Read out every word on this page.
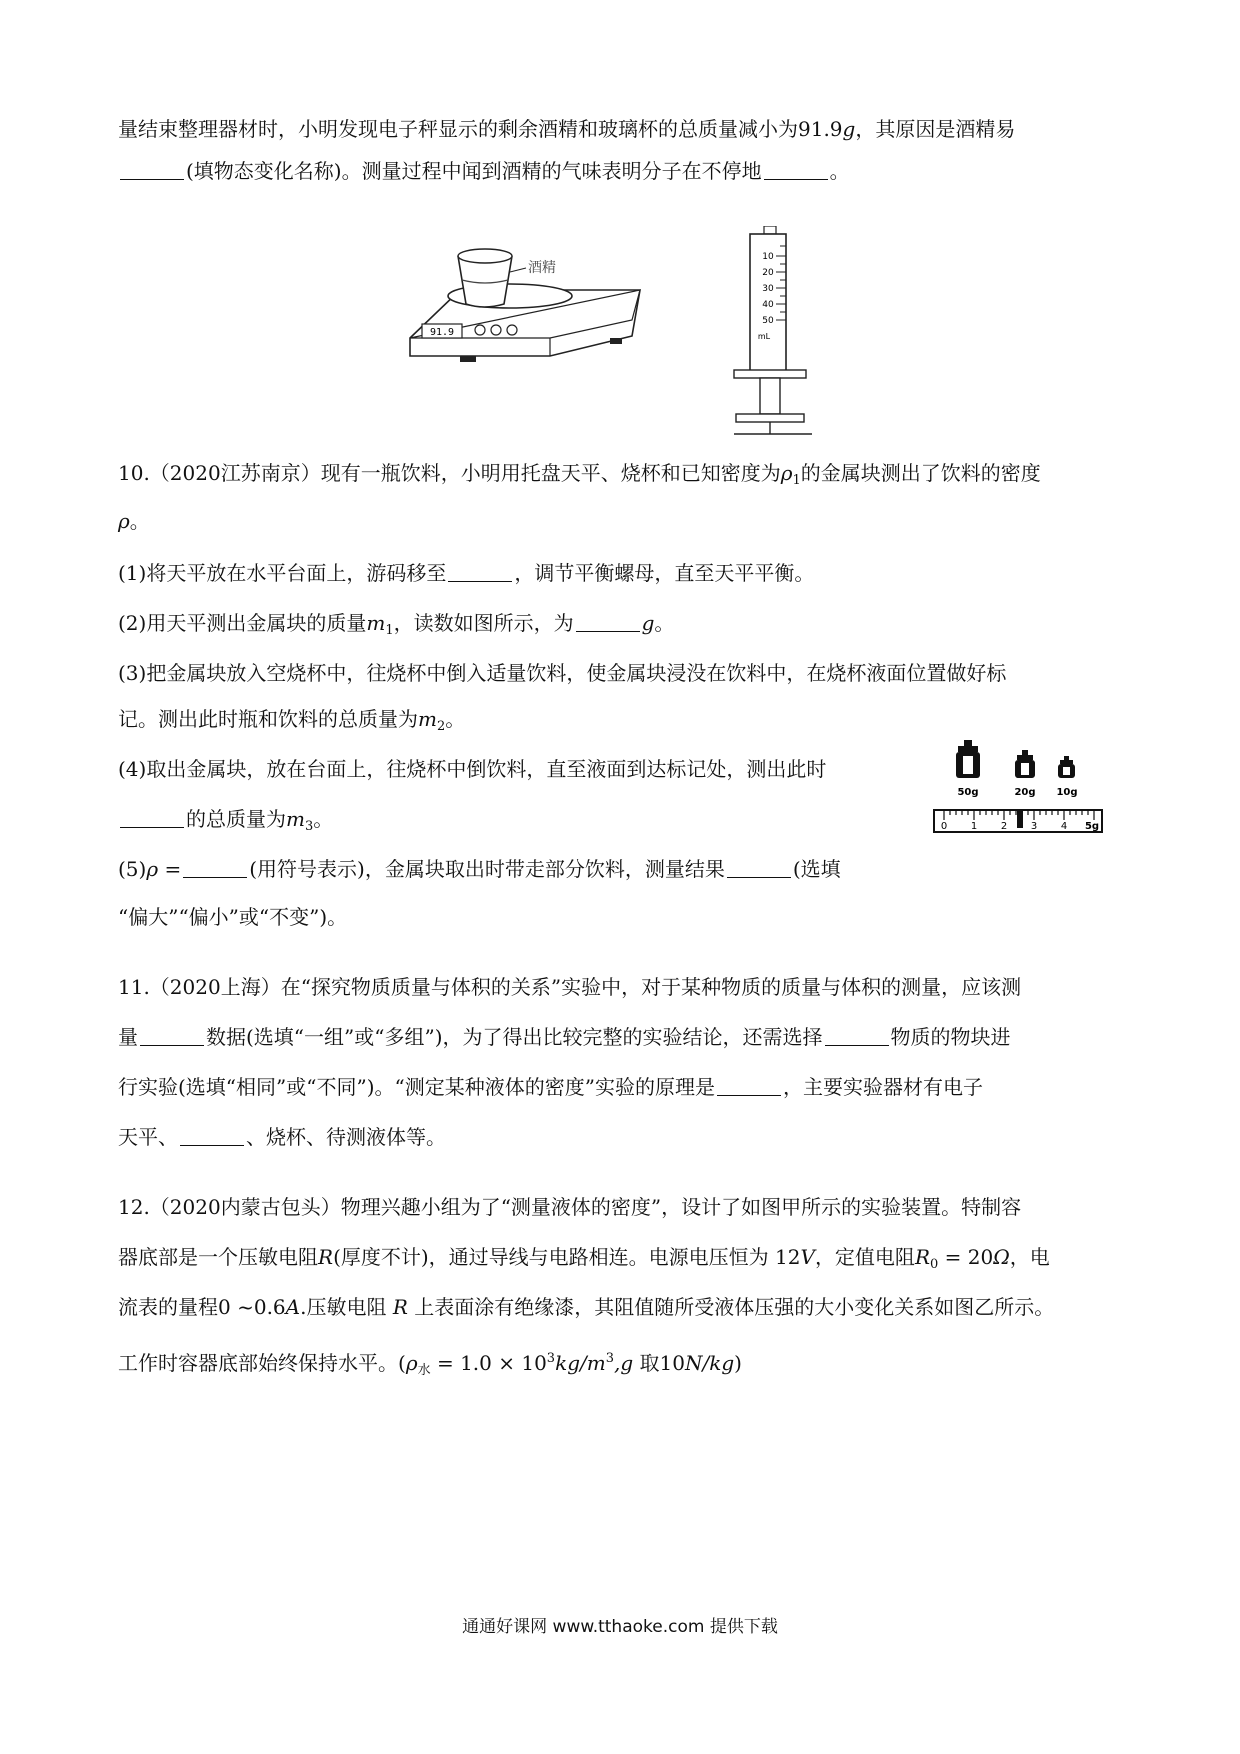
量结束整理器材时，小明发现电子秤显示的剩余酒精和玻璃杯的总质量减小为91.9g，其原因是酒精易
(填物态变化名称)。测量过程中闻到酒精的气味表明分子在不停地	。
91.9
酒精
10
20
30
40
50
mL
10.（2020江苏南京）现有一瓶饮料，小明用托盘天平、烧杯和已知密度为$\rho_1$的金属块测出了饮料的密度
ρ。
(1)将天平放在水平台面上，游码移至	，调节平衡螺母，直至天平平衡。
(2)用天平测出金属块的质量$m_1$，读数如图所示，为	g。
(3)把金属块放入空烧杯中，往烧杯中倒入适量饮料，使金属块浸没在饮料中，在烧杯液面位置做好标
记。测出此时瓶和饮料的总质量为$m_2$。
(4)取出金属块，放在台面上，往烧杯中倒饮料，直至液面到达标记处，测出此时
的总质量为$m_3$。
(5)ρ =	(用符号表示)，金属块取出时带走部分饮料，测量结果	(选填
“偏大”“偏小”或“不变”)。
50g	20g 10g
0 1 2 3 4 5g
11.（2020上海）在“探究物质质量与体积的关系”实验中，对于某种物质的质量与体积的测量，应该测
量	数据(选填“一组”或“多组”)，为了得出比较完整的实验结论，还需选择	物质的物块进
行实验(选填“相同”或“不同”)。“测定某种液体的密度”实验的原理是	，主要实验器材有电子
天平、	、烧杯、待测液体等。
12.（2020内蒙古包头）物理兴趣小组为了“测量液体的密度”，设计了如图甲所示的实验装置。特制容
器底部是一个压敏电阻R(厚度不计)，通过导线与电路相连。电源电压恒为 12V，定值电阻$R_0 = 20\Omega$，电
流表的量程0 ~0.6A.压敏电阻 R 上表面涂有绝缘漆，其阻值随所受液体压强的大小变化关系如图乙所示。
工作时容器底部始终保持水平。($\rho_水 = 1.0 \times 10^3kg/m^3,g$ 取10N/kg)
通通好课网 www.tthaoke.com 提供下载
